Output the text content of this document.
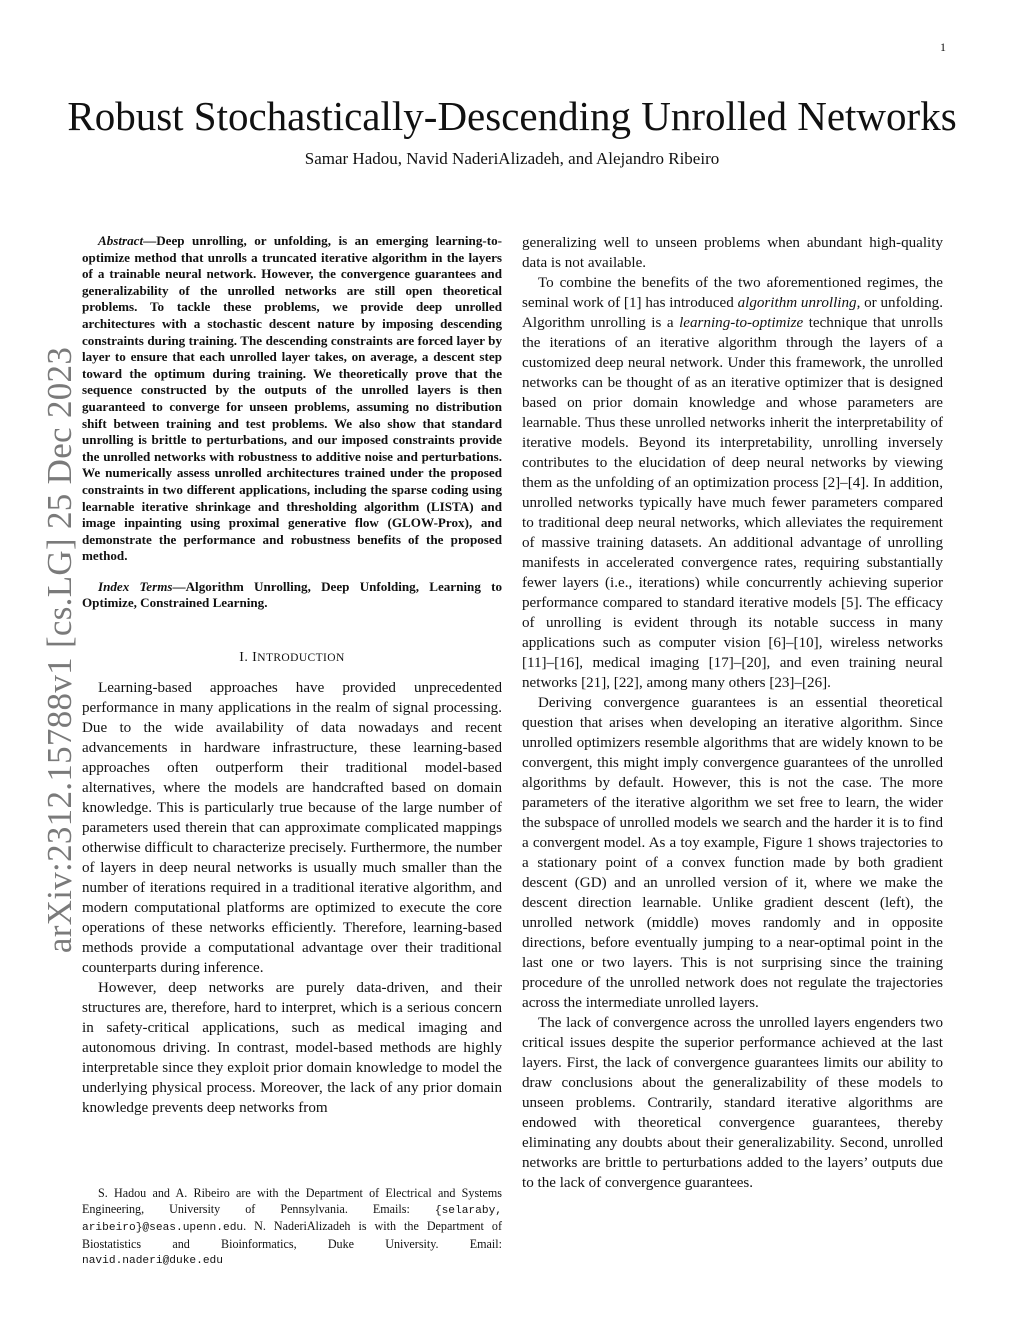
1
arXiv:2312.15788v1 [cs.LG] 25 Dec 2023
Robust Stochastically-Descending Unrolled Networks
Samar Hadou, Navid NaderiAlizadeh, and Alejandro Ribeiro

Abstract—Deep unrolling, or unfolding, is an emerging learning-to-optimize method that unrolls a truncated iterative algorithm in the layers of a trainable neural network. However, the convergence guarantees and generalizability of the unrolled networks are still open theoretical problems. To tackle these problems, we provide deep unrolled architectures with a stochastic descent nature by imposing descending constraints during training. The descending constraints are forced layer by layer to ensure that each unrolled layer takes, on average, a descent step toward the optimum during training. We theoretically prove that the sequence constructed by the outputs of the unrolled layers is then guaranteed to converge for unseen problems, assuming no distribution shift between training and test problems. We also show that standard unrolling is brittle to perturbations, and our imposed constraints provide the unrolled networks with robustness to additive noise and perturbations. We numerically assess unrolled architectures trained under the proposed constraints in two different applications, including the sparse coding using learnable iterative shrinkage and thresholding algorithm (LISTA) and image inpainting using proximal generative flow (GLOW-Prox), and demonstrate the performance and robustness benefits of the proposed method.

Index Terms—Algorithm Unrolling, Deep Unfolding, Learning to Optimize, Constrained Learning.

I. INTRODUCTION

Learning-based approaches have provided unprecedented performance in many applications in the realm of signal processing. Due to the wide availability of data nowadays and recent advancements in hardware infrastructure, these learning-based approaches often outperform their traditional model-based alternatives, where the models are handcrafted based on domain knowledge. This is particularly true because of the large number of parameters used therein that can approximate complicated mappings otherwise difficult to characterize precisely. Furthermore, the number of layers in deep neural networks is usually much smaller than the number of iterations required in a traditional iterative algorithm, and modern computational platforms are optimized to execute the core operations of these networks efficiently. Therefore, learning-based methods provide a computational advantage over their traditional counterparts during inference.

However, deep networks are purely data-driven, and their structures are, therefore, hard to interpret, which is a serious concern in safety-critical applications, such as medical imaging and autonomous driving. In contrast, model-based methods are highly interpretable since they exploit prior domain knowledge to model the underlying physical process. Moreover, the lack of any prior domain knowledge prevents deep networks from

S. Hadou and A. Ribeiro are with the Department of Electrical and Systems Engineering, University of Pennsylvania. Emails: {selaraby, aribeiro}@seas.upenn.edu. N. NaderiAlizadeh is with the Department of Biostatistics and Bioinformatics, Duke University. Email: navid.naderi@duke.edu

generalizing well to unseen problems when abundant high-quality data is not available.

To combine the benefits of the two aforementioned regimes, the seminal work of [1] has introduced algorithm unrolling, or unfolding. Algorithm unrolling is a learning-to-optimize technique that unrolls the iterations of an iterative algorithm through the layers of a customized deep neural network. Under this framework, the unrolled networks can be thought of as an iterative optimizer that is designed based on prior domain knowledge and whose parameters are learnable. Thus these unrolled networks inherit the interpretability of iterative models. Beyond its interpretability, unrolling inversely contributes to the elucidation of deep neural networks by viewing them as the unfolding of an optimization process [2]–[4]. In addition, unrolled networks typically have much fewer parameters compared to traditional deep neural networks, which alleviates the requirement of massive training datasets. An additional advantage of unrolling manifests in accelerated convergence rates, requiring substantially fewer layers (i.e., iterations) while concurrently achieving superior performance compared to standard iterative models [5]. The efficacy of unrolling is evident through its notable success in many applications such as computer vision [6]–[10], wireless networks [11]–[16], medical imaging [17]–[20], and even training neural networks [21], [22], among many others [23]–[26].

Deriving convergence guarantees is an essential theoretical question that arises when developing an iterative algorithm. Since unrolled optimizers resemble algorithms that are widely known to be convergent, this might imply convergence guarantees of the unrolled algorithms by default. However, this is not the case. The more parameters of the iterative algorithm we set free to learn, the wider the subspace of unrolled models we search and the harder it is to find a convergent model. As a toy example, Figure 1 shows trajectories to a stationary point of a convex function made by both gradient descent (GD) and an unrolled version of it, where we make the descent direction learnable. Unlike gradient descent (left), the unrolled network (middle) moves randomly and in opposite directions, before eventually jumping to a near-optimal point in the last one or two layers. This is not surprising since the training procedure of the unrolled network does not regulate the trajectories across the intermediate unrolled layers.

The lack of convergence across the unrolled layers engenders two critical issues despite the superior performance achieved at the last layers. First, the lack of convergence guarantees limits our ability to draw conclusions about the generalizability of these models to unseen problems. Contrarily, standard iterative algorithms are endowed with theoretical convergence guarantees, thereby eliminating any doubts about their generalizability. Second, unrolled networks are brittle to perturbations added to the layers’ outputs due to the lack of convergence guarantees.
